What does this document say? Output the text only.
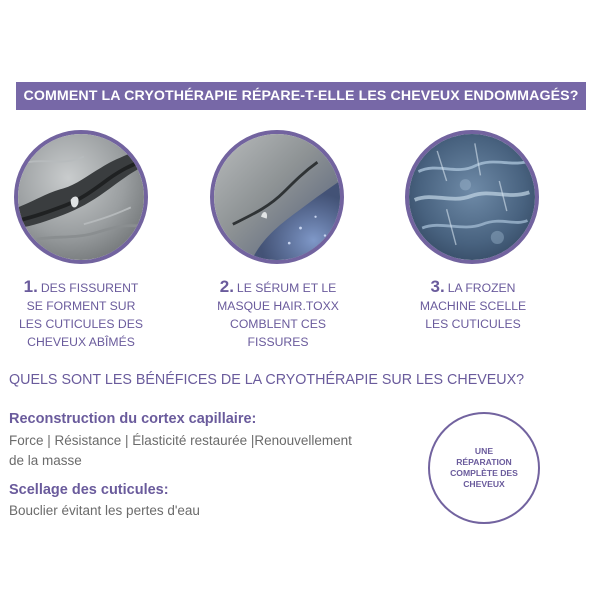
COMMENT LA CRYOTHÉRAPIE RÉPARE-T-ELLE LES CHEVEUX ENDOMMAGÉS?
1. DES FISSURENT
SE FORMENT SUR
LES CUTICULES DES
CHEVEUX ABÎMÉS
2. LE SÉRUM ET LE
MASQUE HAIR.TOXX
COMBLENT CES
FISSURES
3. LA FROZEN
MACHINE SCELLE
LES CUTICULES
QUELS SONT LES BÉNÉFICES DE LA CRYOTHÉRAPIE SUR LES CHEVEUX?
Reconstruction du cortex capillaire:
Force | Résistance | Élasticité restaurée |Renouvellement
de la masse
Scellage des cuticules:
Bouclier évitant les pertes d'eau
UNE
RÉPARATION
COMPLÈTE DES
CHEVEUX
